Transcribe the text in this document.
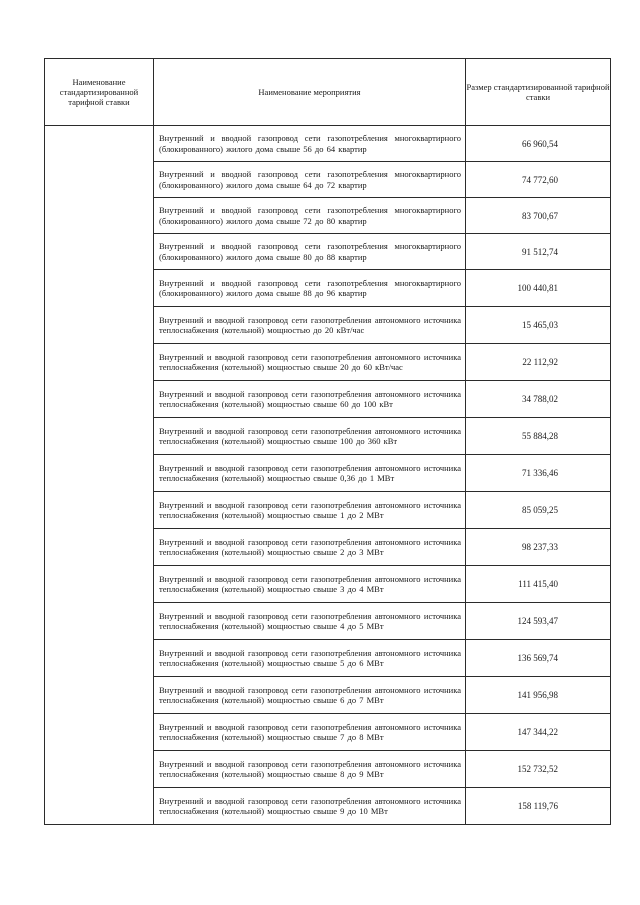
Наименование стандартизированной тарифной ставки	Наименование мероприятия	Размер стандартизированной тарифной ставки
	Внутренний и вводной газопровод сети газопотребления многоквартирного (блокированного) жилого дома свыше 56 до 64 квартир	66 960,54
	Внутренний и вводной газопровод сети газопотребления многоквартирного (блокированного) жилого дома свыше 64 до 72 квартир	74 772,60
	Внутренний и вводной газопровод сети газопотребления многоквартирного (блокированного) жилого дома свыше 72 до 80 квартир	83 700,67
	Внутренний и вводной газопровод сети газопотребления многоквартирного (блокированного) жилого дома свыше 80 до 88 квартир	91 512,74
	Внутренний и вводной газопровод сети газопотребления многоквартирного (блокированного) жилого дома свыше 88 до 96 квартир	100 440,81
	Внутренний и вводной газопровод сети газопотребления автономного источника теплоснабжения (котельной) мощностью до 20 кВт/час	15 465,03
	Внутренний и вводной газопровод сети газопотребления автономного источника теплоснабжения (котельной) мощностью свыше 20 до 60 кВт/час	22 112,92
	Внутренний и вводной газопровод сети газопотребления автономного источника теплоснабжения (котельной) мощностью свыше 60 до 100 кВт	34 788,02
	Внутренний и вводной газопровод сети газопотребления автономного источника теплоснабжения (котельной) мощностью свыше 100 до 360 кВт	55 884,28
	Внутренний и вводной газопровод сети газопотребления автономного источника теплоснабжения (котельной) мощностью свыше 0,36 до 1 МВт	71 336,46
	Внутренний и вводной газопровод сети газопотребления автономного источника теплоснабжения (котельной) мощностью свыше 1 до 2 МВт	85 059,25
	Внутренний и вводной газопровод сети газопотребления автономного источника теплоснабжения (котельной) мощностью свыше 2 до 3 МВт	98 237,33
	Внутренний и вводной газопровод сети газопотребления автономного источника теплоснабжения (котельной) мощностью свыше 3 до 4 МВт	111 415,40
	Внутренний и вводной газопровод сети газопотребления автономного источника теплоснабжения (котельной) мощностью свыше 4 до 5 МВт	124 593,47
	Внутренний и вводной газопровод сети газопотребления автономного источника теплоснабжения (котельной) мощностью свыше 5 до 6 МВт	136 569,74
	Внутренний и вводной газопровод сети газопотребления автономного источника теплоснабжения (котельной) мощностью свыше 6 до 7 МВт	141 956,98
	Внутренний и вводной газопровод сети газопотребления автономного источника теплоснабжения (котельной) мощностью свыше 7 до 8 МВт	147 344,22
	Внутренний и вводной газопровод сети газопотребления автономного источника теплоснабжения (котельной) мощностью свыше 8 до 9 МВт	152 732,52
	Внутренний и вводной газопровод сети газопотребления автономного источника теплоснабжения (котельной) мощностью свыше 9 до 10 МВт	158 119,76
